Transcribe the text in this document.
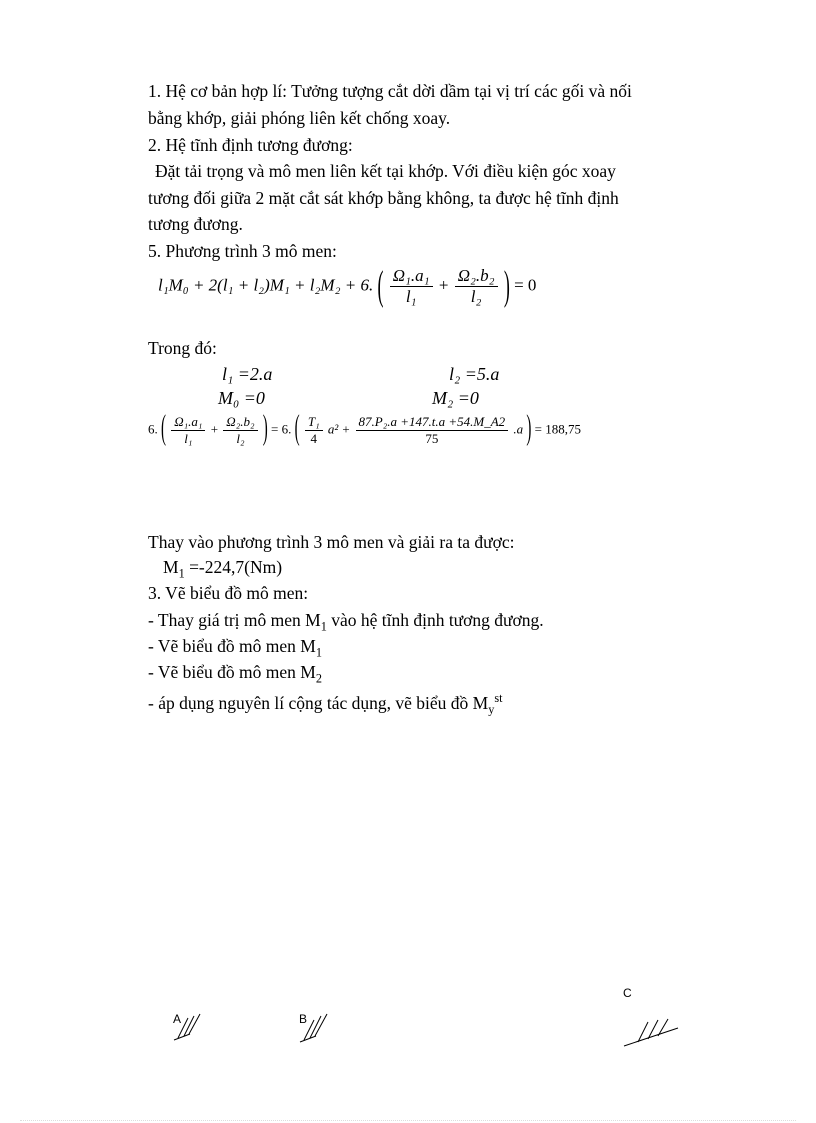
1. Hệ cơ bản hợp lí: Tưởng tượng cắt dời dầm tại vị trí các gối và nối
bằng khớp, giải phóng liên kết chống xoay.
2. Hệ tĩnh định tương đương:
Đặt tải trọng và mô men liên kết tại khớp. Với điều kiện góc xoay
tương đối giữa 2 mặt cắt sát khớp bằng không, ta được hệ tĩnh định
tương đương.
5. Phương trình 3 mô men:
l₁M₀ + 2(l₁ + l₂)M₁ + l₂M₂ + 6. ( $\frac{\text{Ω₁.a₁}}{\text{l₁}} + \frac{\text{Ω₂.b₂}}{\text{l₂}}$ ) = 0
Trong đó:
l₁ =2.a	l₂ =5.a
M₀ =0	M₂ =0
6. ( $\frac{\text{Ω₁.a₁}}{\text{l₁}} + \frac{\text{Ω₂.b₂}}{\text{l₂}}$ ) = 6. ( $\frac{\text{T₁}}{4} a^2 + \frac{\text{87.P₂.a +147.t.a +54.M\_A2}}{75} .a$ ) = 188,75
Thay vào phương trình 3 mô men và giải ra ta được:
$M_1 =-224,7(Nm)$
3. Vẽ biểu đồ mô men:
- Thay giá trị mô men $M_1$ vào hệ tĩnh định tương đương.
- Vẽ biểu đồ mô men $M_1$
- Vẽ biểu đồ mô men $M_2$
- áp dụng nguyên lí cộng tác dụng, vẽ biểu đồ $M_yst$
C
A	B
